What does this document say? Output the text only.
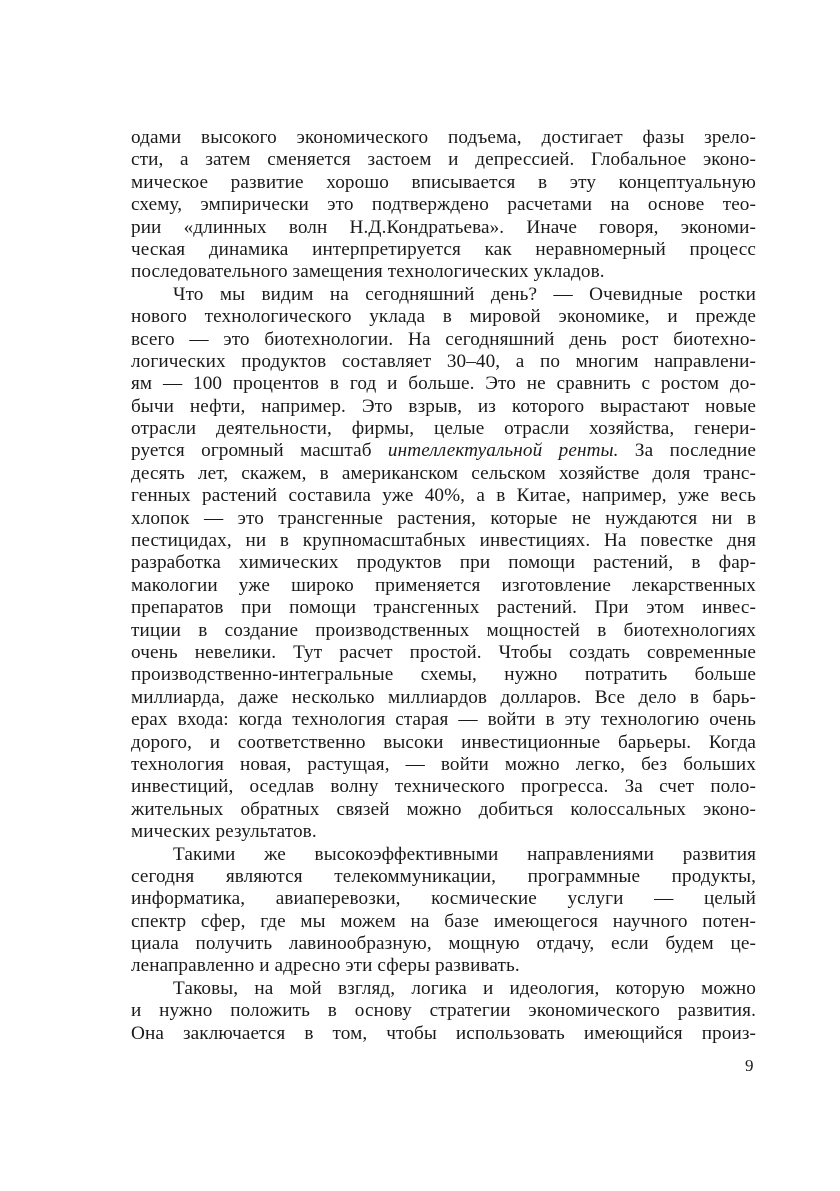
одами высокого экономического подъема, достигает фазы зрело-
сти, а затем сменяется застоем и депрессией. Глобальное эконо-
мическое развитие хорошо вписывается в эту концептуальную
схему, эмпирически это подтверждено расчетами на основе тео-
рии «длинных волн Н.Д.Кондратьева». Иначе говоря, экономи-
ческая динамика интерпретируется как неравномерный процесс
последовательного замещения технологических укладов.
Что мы видим на сегодняшний день? — Очевидные ростки
нового технологического уклада в мировой экономике, и прежде
всего — это биотехнологии. На сегодняшний день рост биотехно-
логических продуктов составляет 30–40, а по многим направлени-
ям — 100 процентов в год и больше. Это не сравнить с ростом до-
бычи нефти, например. Это взрыв, из которого вырастают новые
отрасли деятельности, фирмы, целые отрасли хозяйства, генери-
руется огромный масштаб интеллектуальной ренты. За последние
десять лет, скажем, в американском сельском хозяйстве доля транс-
генных растений составила уже 40%, а в Китае, например, уже весь
хлопок — это трансгенные растения, которые не нуждаются ни в
пестицидах, ни в крупномасштабных инвестициях. На повестке дня
разработка химических продуктов при помощи растений, в фар-
макологии уже широко применяется изготовление лекарственных
препаратов при помощи трансгенных растений. При этом инвес-
тиции в создание производственных мощностей в биотехнологиях
очень невелики. Тут расчет простой. Чтобы создать современные
производственно-интегральные схемы, нужно потратить больше
миллиарда, даже несколько миллиардов долларов. Все дело в барь-
ерах входа: когда технология старая — войти в эту технологию очень
дорого, и соответственно высоки инвестиционные барьеры. Когда
технология новая, растущая, — войти можно легко, без больших
инвестиций, оседлав волну технического прогресса. За счет поло-
жительных обратных связей можно добиться колоссальных эконо-
мических результатов.
Такими же высокоэффективными направлениями развития
сегодня являются телекоммуникации, программные продукты,
информатика, авиаперевозки, космические услуги — целый
спектр сфер, где мы можем на базе имеющегося научного потен-
циала получить лавинообразную, мощную отдачу, если будем це-
ленаправленно и адресно эти сферы развивать.
Таковы, на мой взгляд, логика и идеология, которую можно
и нужно положить в основу стратегии экономического развития.
Она заключается в том, чтобы использовать имеющийся произ-
9
